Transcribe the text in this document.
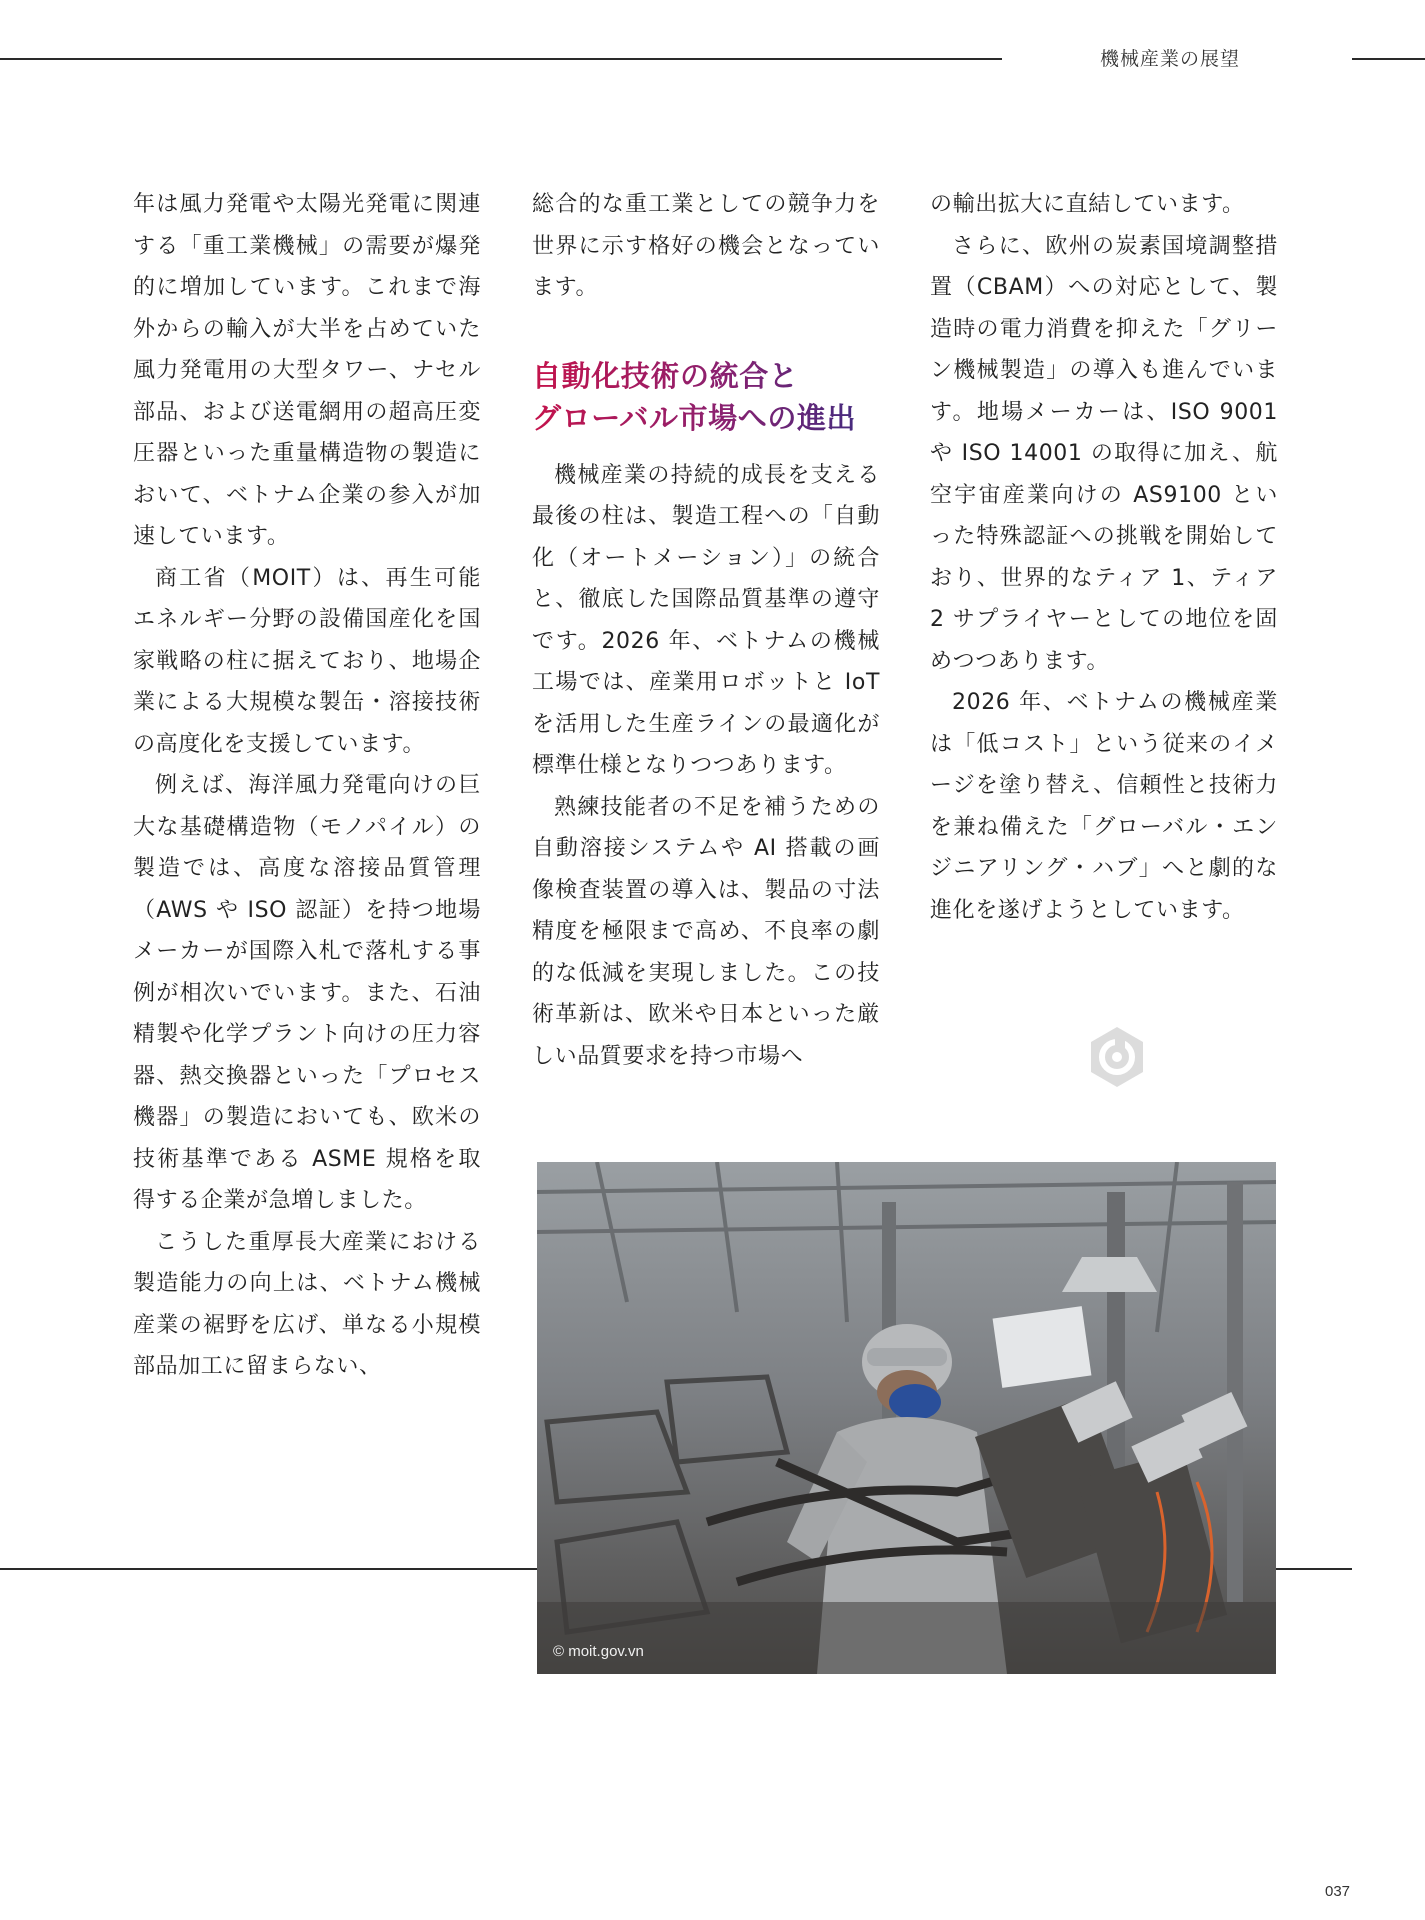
機械産業の展望

年は風力発電や太陽光発電に関連する「重工業機械」の需要が爆発的に増加しています。これまで海外からの輸入が大半を占めていた風力発電用の大型タワー、ナセル部品、および送電網用の超高圧変圧器といった重量構造物の製造において、ベトナム企業の参入が加速しています。

商工省（MOIT）は、再生可能エネルギー分野の設備国産化を国家戦略の柱に据えており、地場企業による大規模な製缶・溶接技術の高度化を支援しています。

例えば、海洋風力発電向けの巨大な基礎構造物（モノパイル）の製造では、高度な溶接品質管理（AWS や ISO 認証）を持つ地場メーカーが国際入札で落札する事例が相次いでいます。また、石油精製や化学プラント向けの圧力容器、熱交換器といった「プロセス機器」の製造においても、欧米の技術基準である ASME 規格を取得する企業が急増しました。

こうした重厚長大産業における製造能力の向上は、ベトナム機械産業の裾野を広げ、単なる小規模部品加工に留まらない、

総合的な重工業としての競争力を世界に示す格好の機会となっています。

自動化技術の統合と
グローバル市場への進出

機械産業の持続的成長を支える最後の柱は、製造工程への「自動化（オートメーション）」の統合と、徹底した国際品質基準の遵守です。2026 年、ベトナムの機械工場では、産業用ロボットと IoT を活用した生産ラインの最適化が標準仕様となりつつあります。

熟練技能者の不足を補うための自動溶接システムや AI 搭載の画像検査装置の導入は、製品の寸法精度を極限まで高め、不良率の劇的な低減を実現しました。この技術革新は、欧米や日本といった厳しい品質要求を持つ市場へ

の輸出拡大に直結しています。

さらに、欧州の炭素国境調整措置（CBAM）への対応として、製造時の電力消費を抑えた「グリーン機械製造」の導入も進んでいます。地場メーカーは、ISO 9001 や ISO 14001 の取得に加え、航空宇宙産業向けの AS9100 といった特殊認証への挑戦を開始しており、世界的なティア 1、ティア 2 サプライヤーとしての地位を固めつつあります。

2026 年、ベトナムの機械産業は「低コスト」という従来のイメージを塗り替え、信頼性と技術力を兼ね備えた「グローバル・エンジニアリング・ハブ」へと劇的な進化を遂げようとしています。

© moit.gov.vn
037
